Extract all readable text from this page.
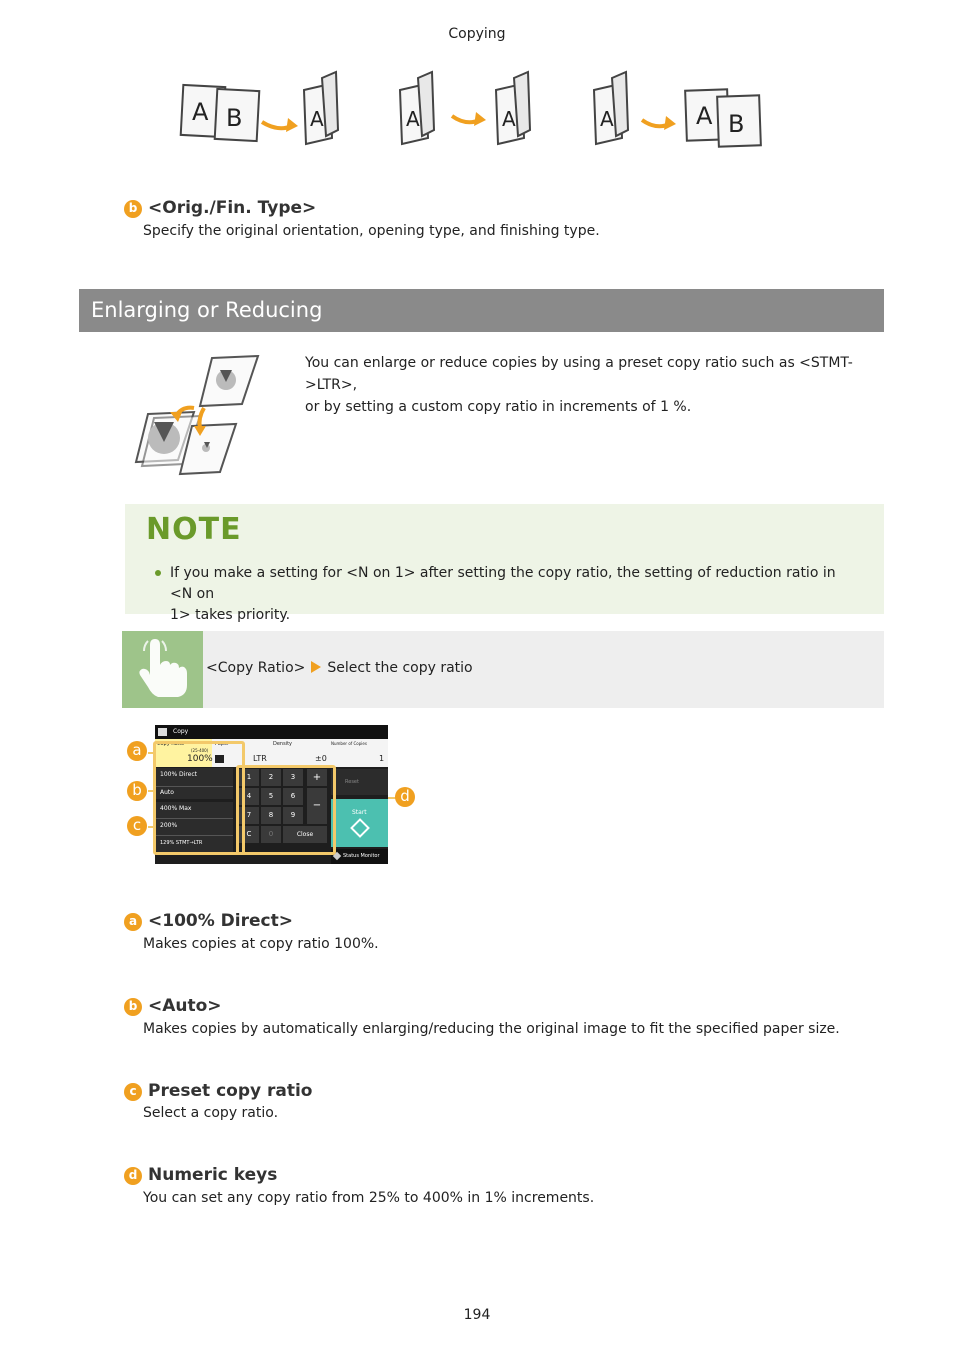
Copying
A B	A	A	A	A	A B
b <Orig./Fin. Type>
Specify the original orientation, opening type, and finishing type.
Enlarging or Reducing
You can enlarge or reduce copies by using a preset copy ratio such as <STMT->LTR>,
or by setting a custom copy ratio in increments of 1 %.
NOTE
If you make a setting for <N on 1> after setting the copy ratio, the setting of reduction ratio in <N on
1> takes priority.
<Copy Ratio> Select the copy ratio
Copy
Copy Ratio
(25-400)
100%
Paper
LTR
Density
±0
Number of Copies
1
100% Direct
Auto
400% Max
200%
129% STMT→LTR
1	2	3
4	5	6
7	8	9
C	0	Close
+
−
Reset
Start
Status Monitor
a
b
c
d
a <100% Direct>
Makes copies at copy ratio 100%.
b <Auto>
Makes copies by automatically enlarging/reducing the original image to fit the specified paper size.
c Preset copy ratio
Select a copy ratio.
d Numeric keys
You can set any copy ratio from 25% to 400% in 1% increments.
194
